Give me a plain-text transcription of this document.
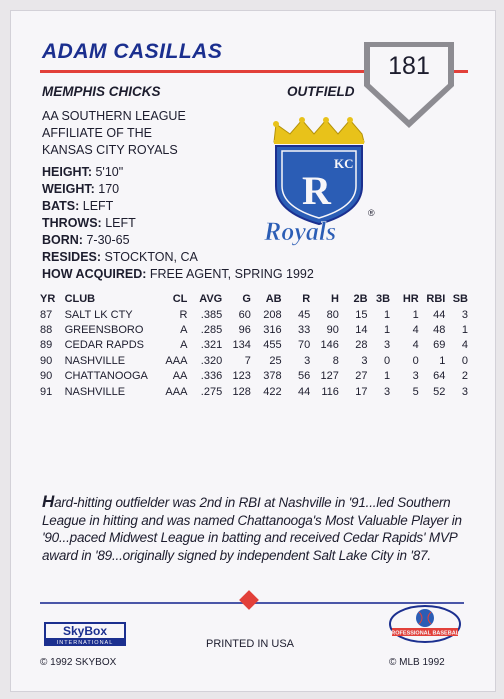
ADAM CASILLAS
181
MEMPHIS CHICKS	OUTFIELD
AA SOUTHERN LEAGUE
AFFILIATE OF THE
KANSAS CITY ROYALS
HEIGHT: 5'10"
WEIGHT: 170
BATS: LEFT
THROWS: LEFT
BORN: 7-30-65
RESIDES: STOCKTON, CA
HOW ACQUIRED: FREE AGENT, SPRING 1992
KC
R
Royals
®
YR	CLUB	CL	AVG	G	AB	R	H	2B	3B	HR	RBI	SB
87	SALT LK CTY	R	.385	60	208	45	80	15	1	1	44	3
88	GREENSBORO	A	.285	96	316	33	90	14	1	4	48	1
89	CEDAR RAPDS	A	.321	134	455	70	146	28	3	4	69	4
90	NASHVILLE	AAA	.320	7	25	3	8	3	0	0	1	0
90	CHATTANOOGA	AA	.336	123	378	56	127	27	1	3	64	2
91	NASHVILLE	AAA	.275	128	422	44	116	17	3	5	52	3
Hard-hitting outfielder was 2nd in RBI at Nashville in '91...led Southern League in hitting and was named Chattanooga's Most Valuable Player in '90...paced Midwest League in batting and received Cedar Rapids' MVP award in '89...originally signed by independent Salt Lake City in '87.
SkyBox
INTERNATIONAL	PRINTED IN USA
© 1992 SKYBOX
PROFESSIONAL BASEBALL
© MLB 1992
